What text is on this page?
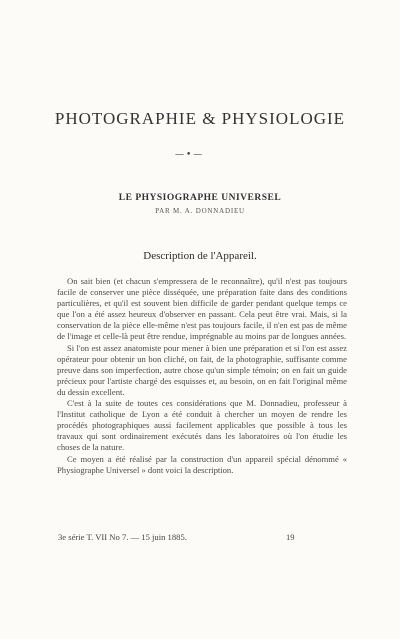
PHOTOGRAPHIE & PHYSIOLOGIE
—•—
LE PHYSIOGRAPHE UNIVERSEL
PAR M. A. DONNADIEU
Description de l'Appareil.

On sait bien (et chacun s'empressera de le reconnaître), qu'il n'est pas toujours facile de conserver une pièce disséquée, une préparation faite dans des conditions particulières, et qu'il est souvent bien difficile de garder pendant quelque temps ce que l'on a été assez heureux d'observer en passant. Cela peut être vrai. Mais, si la conservation de la pièce elle-même n'est pas toujours facile, il n'en est pas de même de l'image et celle-là peut être rendue, imprégnable au moins par de longues années.

Si l'on est assez anatomiste pour mener à bien une préparation et si l'on est assez opérateur pour obtenir un bon cliché, on fait, de la photographie, suffisante comme preuve dans son imperfection, autre chose qu'un simple témoin; on en fait un guide précieux pour l'artiste chargé des esquisses et, au besoin, on en fait l'original même du dessin excellent.

C'est à la suite de toutes ces considérations que M. Donnadieu, professeur à l'Institut catholique de Lyon a été conduit à chercher un moyen de rendre les procédés photographiques aussi facilement applicables que possible à tous les travaux qui sont ordinairement exécutés dans les laboratoires où l'on étudie les choses de la nature.

Ce moyen a été réalisé par la construction d'un appareil spécial dénommé « Physiographe Universel » dont voici la description.

3e série T. VII No 7. — 15 juin 1885.	19
